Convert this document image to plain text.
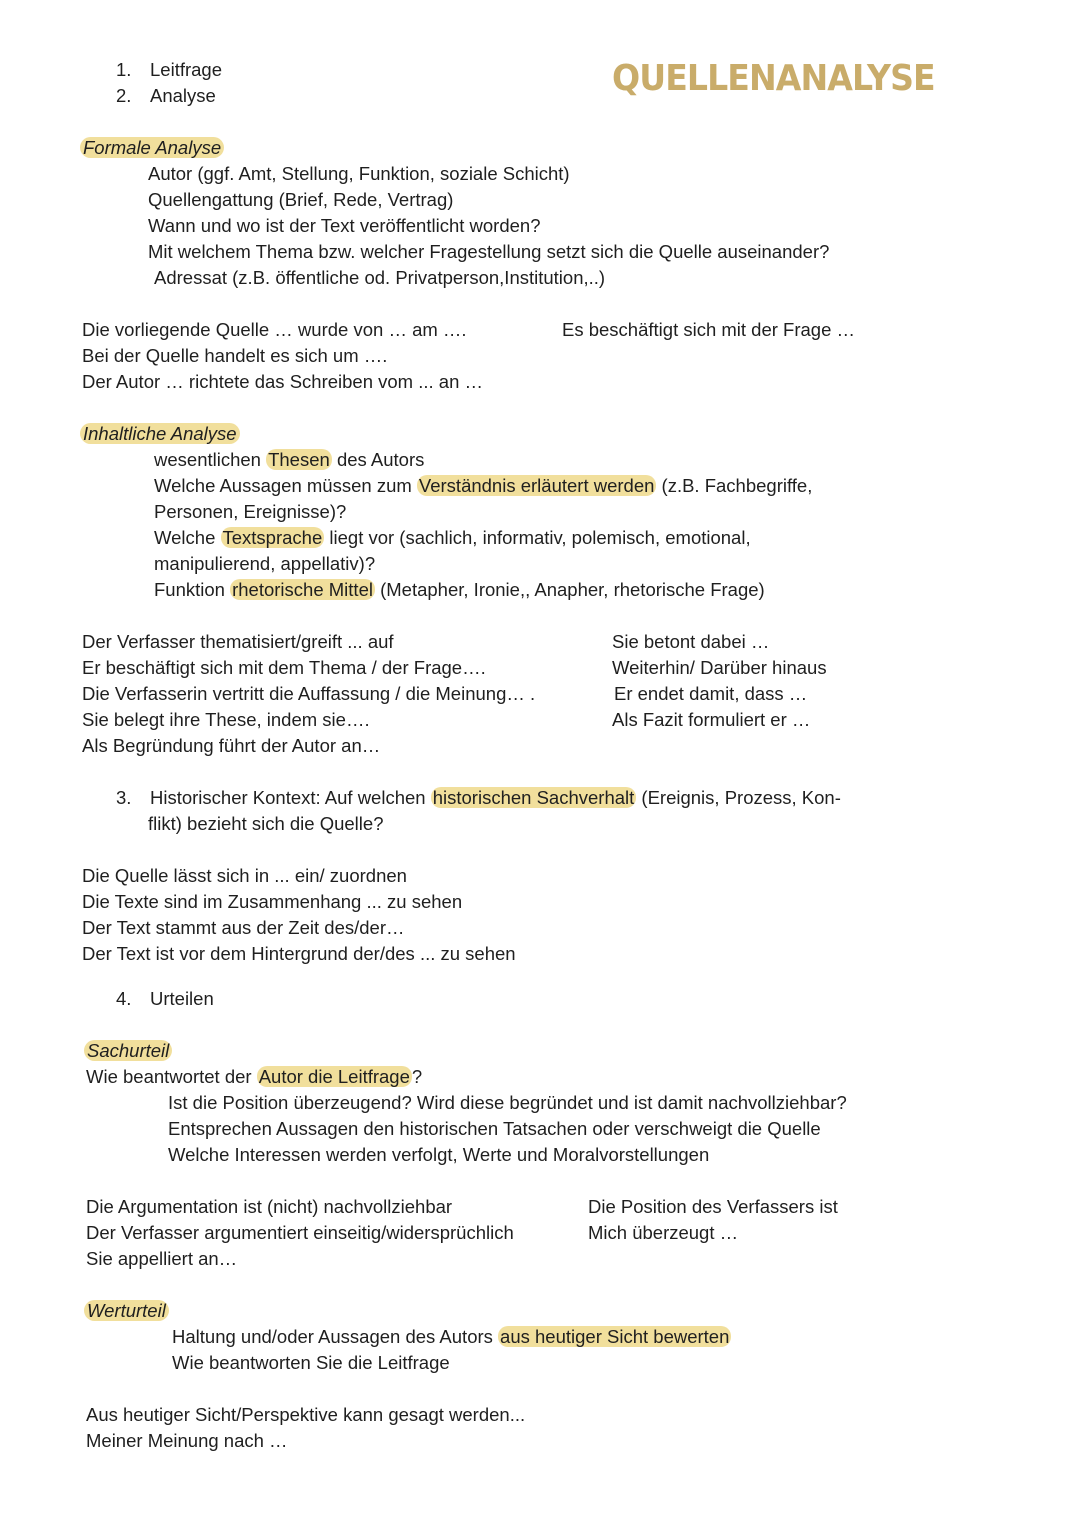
QUELLENANALYSE
1. Leitfrage
2. Analyse
Formale Analyse
Autor (ggf. Amt, Stellung, Funktion, soziale Schicht)
Quellengattung (Brief, Rede, Vertrag)
Wann und wo ist der Text veröffentlicht worden?
Mit welchem Thema bzw. welcher Fragestellung setzt sich die Quelle auseinander?
Adressat (z.B. öffentliche od. Privatperson,Institution,..)
Die vorliegende Quelle … wurde von … am ….	Es beschäftigt sich mit der Frage …
Bei der Quelle handelt es sich um ….
Der Autor … richtete das Schreiben vom ... an …
Inhaltliche Analyse
wesentlichen Thesen des Autors
Welche Aussagen müssen zum Verständnis erläutert werden (z.B. Fachbegriffe,
Personen, Ereignisse)?
Welche Textsprache liegt vor (sachlich, informativ, polemisch, emotional,
manipulierend, appellativ)?
Funktion rhetorische Mittel (Metapher, Ironie,, Anapher, rhetorische Frage)
Der Verfasser thematisiert/greift ... auf
Er beschäftigt sich mit dem Thema / der Frage….
Die Verfasserin vertritt die Auffassung / die Meinung… .
Sie belegt ihre These, indem sie….
Als Begründung führt der Autor an…
Sie betont dabei …
Weiterhin/ Darüber hinaus
Er endet damit, dass …
Als Fazit formuliert er …
3. Historischer Kontext: Auf welchen historischen Sachverhalt (Ereignis, Prozess, Kon-
flikt) bezieht sich die Quelle?
Die Quelle lässt sich in ... ein/ zuordnen
Die Texte sind im Zusammenhang ... zu sehen
Der Text stammt aus der Zeit des/der…
Der Text ist vor dem Hintergrund der/des ... zu sehen
4. Urteilen
Sachurteil
Wie beantwortet der Autor die Leitfrage ?
Ist die Position überzeugend? Wird diese begründet und ist damit nachvollziehbar?
Entsprechen Aussagen den historischen Tatsachen oder verschweigt die Quelle
Welche Interessen werden verfolgt, Werte und Moralvorstellungen
Die Argumentation ist (nicht) nachvollziehbar
Der Verfasser argumentiert einseitig/widersprüchlich
Sie appelliert an…
Die Position des Verfassers ist
Mich überzeugt …
Werturteil
Haltung und/oder Aussagen des Autors aus heutiger Sicht bewerten
Wie beantworten Sie die Leitfrage
Aus heutiger Sicht/Perspektive kann gesagt werden...
Meiner Meinung nach …
